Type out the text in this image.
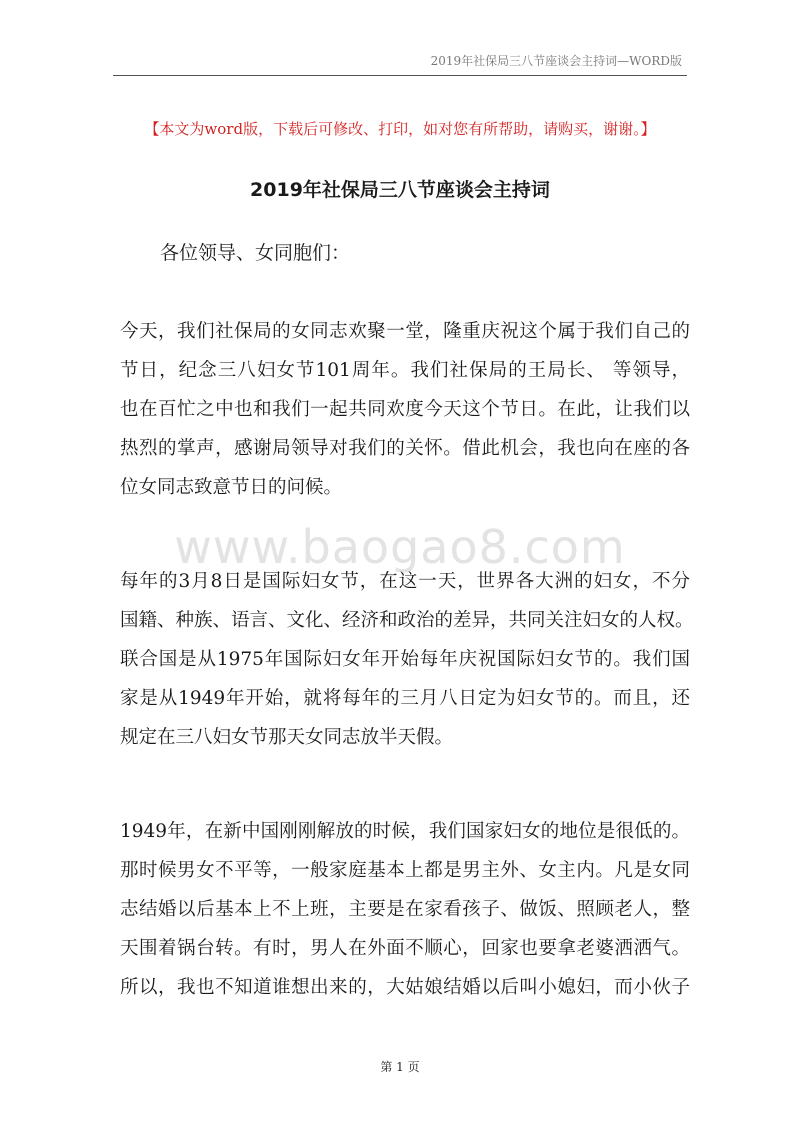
2019年社保局三八节座谈会主持词—WORD版
【本文为word版，下载后可修改、打印，如对您有所帮助，请购买，谢谢。】
2019年社保局三八节座谈会主持词
各位领导、女同胞们：
www.baogao8.com

今天，我们社保局的女同志欢聚一堂，隆重庆祝这个属于我们自己的
节日，纪念三八妇女节101周年。我们社保局的王局长、 等领导，
也在百忙之中也和我们一起共同欢度今天这个节日。在此，让我们以
热烈的掌声，感谢局领导对我们的关怀。借此机会，我也向在座的各
位女同志致意节日的问候。

每年的3月8日是国际妇女节，在这一天，世界各大洲的妇女，不分
国籍、种族、语言、文化、经济和政治的差异，共同关注妇女的人权。
联合国是从1975年国际妇女年开始每年庆祝国际妇女节的。我们国
家是从1949年开始，就将每年的三月八日定为妇女节的。而且，还
规定在三八妇女节那天女同志放半天假。

1949年，在新中国刚刚解放的时候，我们国家妇女的地位是很低的。
那时候男女不平等，一般家庭基本上都是男主外、女主内。凡是女同
志结婚以后基本上不上班，主要是在家看孩子、做饭、照顾老人，整
天围着锅台转。有时，男人在外面不顺心，回家也要拿老婆洒洒气。
所以，我也不知道谁想出来的，大姑娘结婚以后叫小媳妇，而小伙子

第 1 页
